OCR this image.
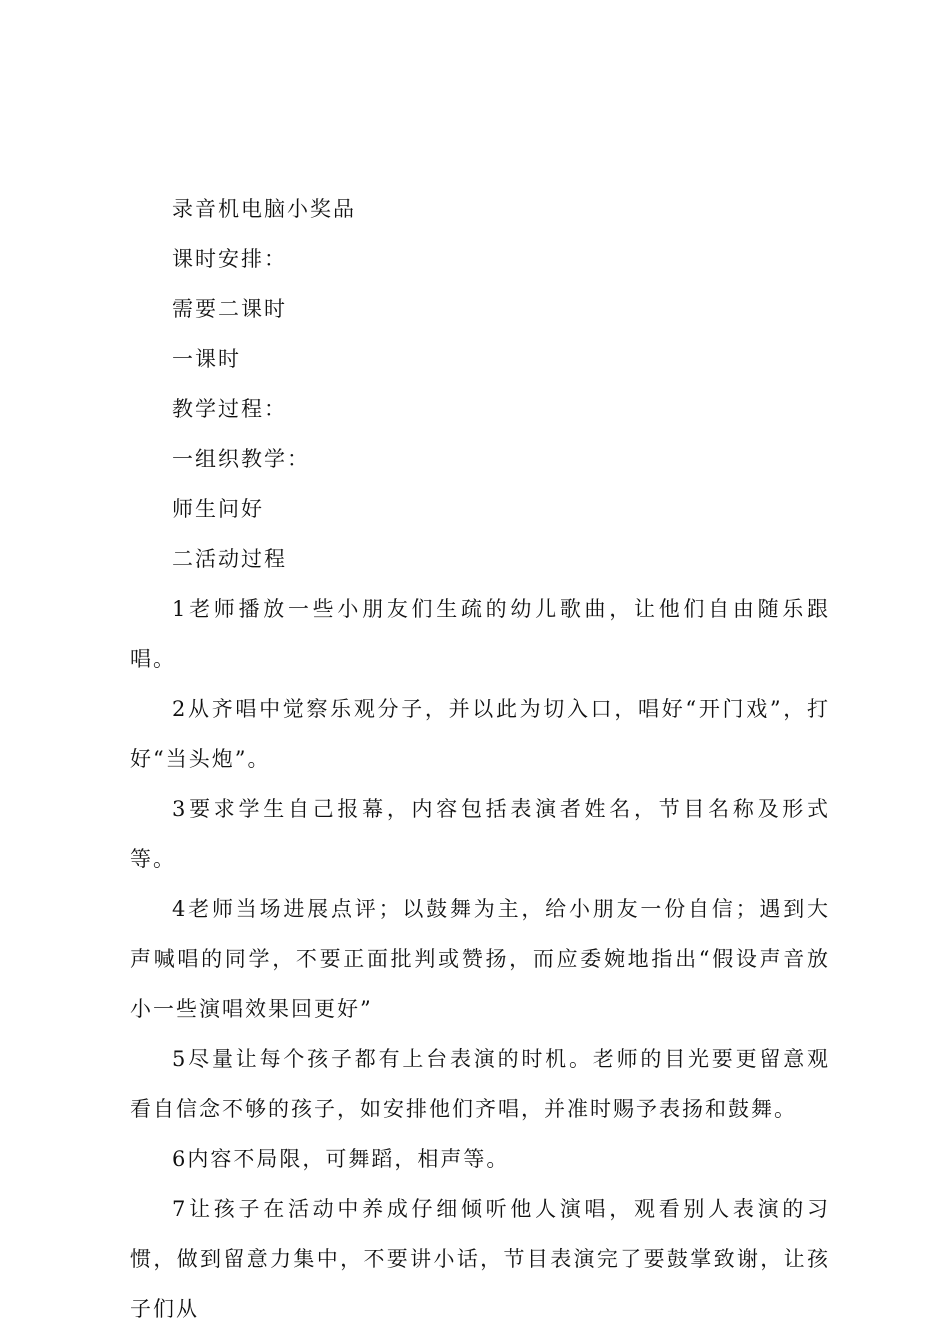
录音机电脑小奖品

课时安排：

需要二课时

一课时

教学过程：

一组织教学：

师生问好

二活动过程

1老师播放一些小朋友们生疏的幼儿歌曲，让他们自由随乐跟唱。

2从齐唱中觉察乐观分子，并以此为切入口，唱好“开门戏”，打好“当头炮”。

3要求学生自己报幕，内容包括表演者姓名，节目名称及形式等。

4老师当场进展点评；以鼓舞为主，给小朋友一份自信；遇到大声喊唱的同学，不要正面批判或赞扬，而应委婉地指出“假设声音放小一些演唱效果回更好”

5尽量让每个孩子都有上台表演的时机。老师的目光要更留意观看自信念不够的孩子，如安排他们齐唱，并准时赐予表扬和鼓舞。

6内容不局限，可舞蹈，相声等。

7让孩子在活动中养成仔细倾听他人演唱，观看别人表演的习惯，做到留意力集中，不要讲小话，节目表演完了要鼓掌致谢，让孩子们从
